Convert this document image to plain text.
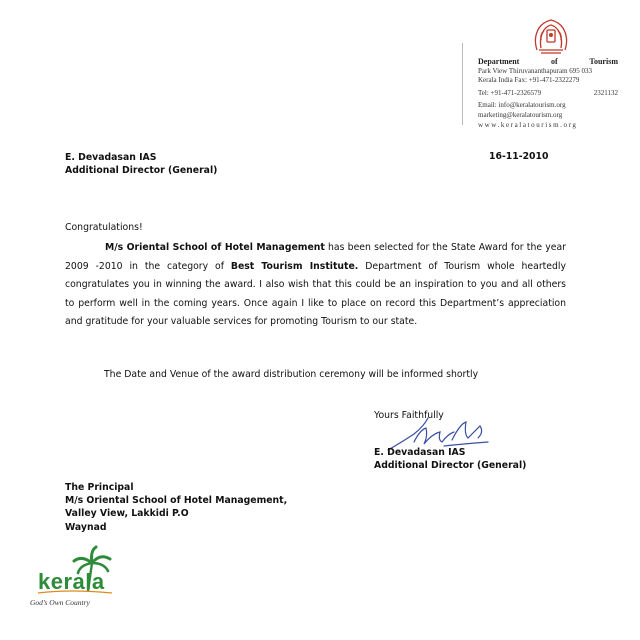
Department	of	Tourism
Park View Thiruvananthapuram 695 033
Kerala India Fax: +91-471-2322279
Tel: +91-471-2326579	2321132
Email: info@keralatourism.org
marketing@keralatourism.org
www.keralatourism.org
E. Devadasan IAS
Additional Director (General)
16-11-2010
Congratulations!
M/s Oriental School of Hotel Management has been selected for the State Award for the year 2009 -2010 in the category of Best Tourism Institute. Department of Tourism whole heartedly congratulates you in winning the award. I also wish that this could be an inspiration to you and all others to perform well in the coming years. Once again I like to place on record this Department’s appreciation and gratitude for your valuable services for promoting Tourism to our state.
The Date and Venue of the award distribution ceremony will be informed shortly
Yours Faithfully
E. Devadasan IAS
Additional Director (General)
The Principal
M/s Oriental School of Hotel Management,
Valley View, Lakkidi P.O
Waynad
kerala
God’s Own Country
